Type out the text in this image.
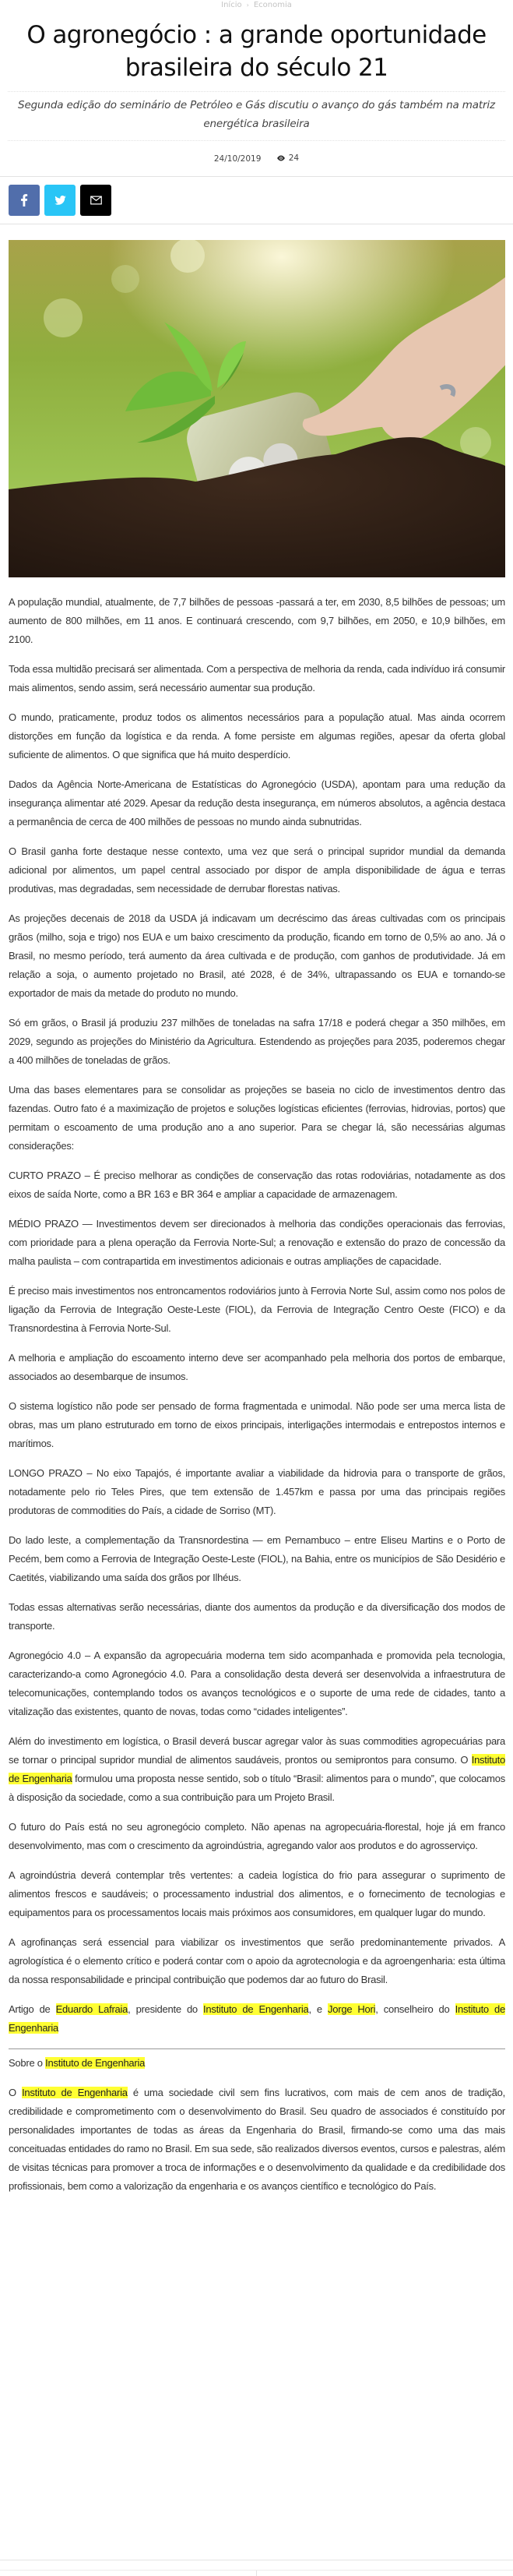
Início › Economia
O agronegócio : a grande oportunidade brasileira do século 21

Segunda edição do seminário de Petróleo e Gás discutiu o avanço do gás também na matriz energética brasileira

24/10/2019	24

A população mundial, atualmente, de 7,7 bilhões de pessoas -passará a ter, em 2030, 8,5 bilhões de pessoas; um aumento de 800 milhões, em 11 anos. E continuará crescendo, com 9,7 bilhões, em 2050, e 10,9 bilhões, em 2100.

Toda essa multidão precisará ser alimentada. Com a perspectiva de melhoria da renda, cada indivíduo irá consumir mais alimentos, sendo assim, será necessário aumentar sua produção.

O mundo, praticamente, produz todos os alimentos necessários para a população atual. Mas ainda ocorrem distorções em função da logística e da renda. A fome persiste em algumas regiões, apesar da oferta global suficiente de alimentos. O que significa que há muito desperdício.

Dados da Agência Norte-Americana de Estatísticas do Agronegócio (USDA), apontam para uma redução da insegurança alimentar até 2029. Apesar da redução desta insegurança, em números absolutos, a agência destaca a permanência de cerca de 400 milhões de pessoas no mundo ainda subnutridas.

O Brasil ganha forte destaque nesse contexto, uma vez que será o principal supridor mundial da demanda adicional por alimentos, um papel central associado por dispor de ampla disponibilidade de água e terras produtivas, mas degradadas, sem necessidade de derrubar florestas nativas.

As projeções decenais de 2018 da USDA já indicavam um decréscimo das áreas cultivadas com os principais grãos (milho, soja e trigo) nos EUA e um baixo crescimento da produção, ficando em torno de 0,5% ao ano. Já o Brasil, no mesmo período, terá aumento da área cultivada e de produção, com ganhos de produtividade. Já em relação a soja, o aumento projetado no Brasil, até 2028, é de 34%, ultrapassando os EUA e tornando-se exportador de mais da metade do produto no mundo.

Só em grãos, o Brasil já produziu 237 milhões de toneladas na safra 17/18 e poderá chegar a 350 milhões, em 2029, segundo as projeções do Ministério da Agricultura. Estendendo as projeções para 2035, poderemos chegar a 400 milhões de toneladas de grãos.

Uma das bases elementares para se consolidar as projeções se baseia no ciclo de investimentos dentro das fazendas. Outro fato é a maximização de projetos e soluções logísticas eficientes (ferrovias, hidrovias, portos) que permitam o escoamento de uma produção ano a ano superior. Para se chegar lá, são necessárias algumas considerações:

CURTO PRAZO – É preciso melhorar as condições de conservação das rotas rodoviárias, notadamente as dos eixos de saída Norte, como a BR 163 e BR 364 e ampliar a capacidade de armazenagem.

MÉDIO PRAZO — Investimentos devem ser direcionados à melhoria das condições operacionais das ferrovias, com prioridade para a plena operação da Ferrovia Norte-Sul; a renovação e extensão do prazo de concessão da malha paulista – com contrapartida em investimentos adicionais e outras ampliações de capacidade.

É preciso mais investimentos nos entroncamentos rodoviários junto à Ferrovia Norte Sul, assim como nos polos de ligação da Ferrovia de Integração Oeste-Leste (FIOL), da Ferrovia de Integração Centro Oeste (FICO) e da Transnordestina à Ferrovia Norte-Sul.

A melhoria e ampliação do escoamento interno deve ser acompanhado pela melhoria dos portos de embarque, associados ao desembarque de insumos.

O sistema logístico não pode ser pensado de forma fragmentada e unimodal. Não pode ser uma merca lista de obras, mas um plano estruturado em torno de eixos principais, interligações intermodais e entrepostos internos e marítimos.

LONGO PRAZO – No eixo Tapajós, é importante avaliar a viabilidade da hidrovia para o transporte de grãos, notadamente pelo rio Teles Pires, que tem extensão de 1.457km e passa por uma das principais regiões produtoras de commodities do País, a cidade de Sorriso (MT).

Do lado leste, a complementação da Transnordestina — em Pernambuco – entre Eliseu Martins e o Porto de Pecém, bem como a Ferrovia de Integração Oeste-Leste (FIOL), na Bahia, entre os municípios de São Desidério e Caetités, viabilizando uma saída dos grãos por Ilhéus.

Todas essas alternativas serão necessárias, diante dos aumentos da produção e da diversificação dos modos de transporte.

Agronegócio 4.0 – A expansão da agropecuária moderna tem sido acompanhada e promovida pela tecnologia, caracterizando-a como Agronegócio 4.0. Para a consolidação desta deverá ser desenvolvida a infraestrutura de telecomunicações, contemplando todos os avanços tecnológicos e o suporte de uma rede de cidades, tanto a vitalização das existentes, quanto de novas, todas como “cidades inteligentes”.

Além do investimento em logística, o Brasil deverá buscar agregar valor às suas commodities agropecuárias para se tornar o principal supridor mundial de alimentos saudáveis, prontos ou semiprontos para consumo. O Instituto de Engenharia formulou uma proposta nesse sentido, sob o título “Brasil: alimentos para o mundo”, que colocamos à disposição da sociedade, como a sua contribuição para um Projeto Brasil.

O futuro do País está no seu agronegócio completo. Não apenas na agropecuária-florestal, hoje já em franco desenvolvimento, mas com o crescimento da agroindústria, agregando valor aos produtos e do agrosserviço.

A agroindústria deverá contemplar três vertentes: a cadeia logística do frio para assegurar o suprimento de alimentos frescos e saudáveis; o processamento industrial dos alimentos, e o fornecimento de tecnologias e equipamentos para os processamentos locais mais próximos aos consumidores, em qualquer lugar do mundo.

A agrofinanças será essencial para viabilizar os investimentos que serão predominantemente privados. A agrologística é o elemento crítico e poderá contar com o apoio da agrotecnologia e da agroengenharia: esta última da nossa responsabilidade e principal contribuição que podemos dar ao futuro do Brasil.

Artigo de Eduardo Lafraia, presidente do Instituto de Engenharia, e Jorge Hori, conselheiro do Instituto de Engenharia

Sobre o Instituto de Engenharia

O Instituto de Engenharia é uma sociedade civil sem fins lucrativos, com mais de cem anos de tradição, credibilidade e comprometimento com o desenvolvimento do Brasil. Seu quadro de associados é constituído por personalidades importantes de todas as áreas da Engenharia do Brasil, firmando-se como uma das mais conceituadas entidades do ramo no Brasil. Em sua sede, são realizados diversos eventos, cursos e palestras, além de visitas técnicas para promover a troca de informações e o desenvolvimento da qualidade e da credibilidade dos profissionais, bem como a valorização da engenharia e os avanços científico e tecnológico do País.
